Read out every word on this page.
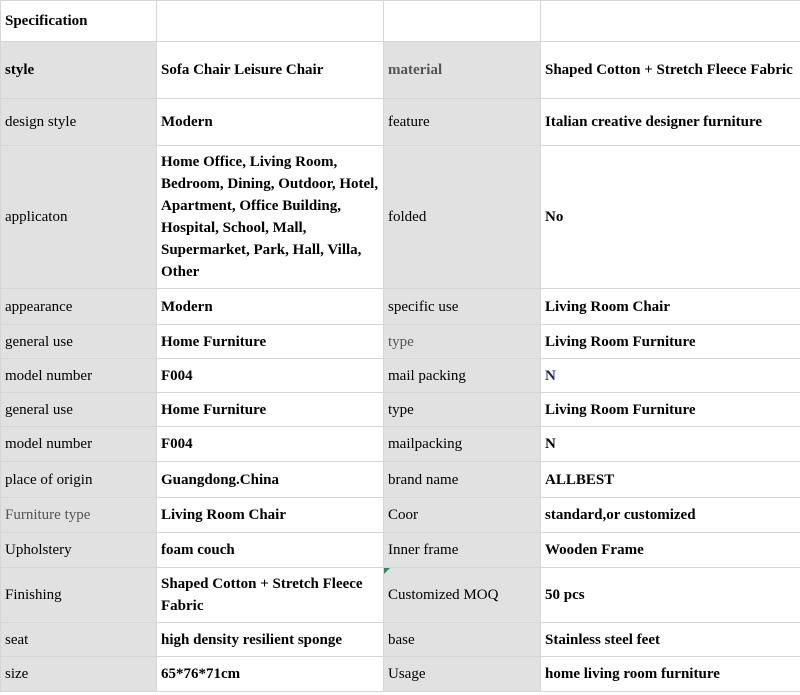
Specification			
style	Sofa Chair Leisure Chair	material	Shaped Cotton + Stretch Fleece Fabric
design style	Modern	feature	Italian creative designer furniture
applicaton	Home Office, Living Room, Bedroom, Dining, Outdoor, Hotel, Apartment, Office Building, Hospital, School, Mall, Supermarket, Park, Hall, Villa, Other	folded	No
appearance	Modern	specific use	Living Room Chair
general use	Home Furniture	type	Living Room Furniture
model number	F004	mail packing	N
general use	Home Furniture	type	Living Room Furniture
model number	F004	mailpacking	N
place of origin	Guangdong.China	brand name	ALLBEST
Furniture type	Living Room Chair	Coor	standard,or customized
Upholstery	foam couch	Inner frame	Wooden Frame
Finishing	Shaped Cotton + Stretch Fleece Fabric	Customized MOQ	50 pcs
seat	high density resilient sponge	base	Stainless steel feet
size	65*76*71cm	Usage	home living room furniture
